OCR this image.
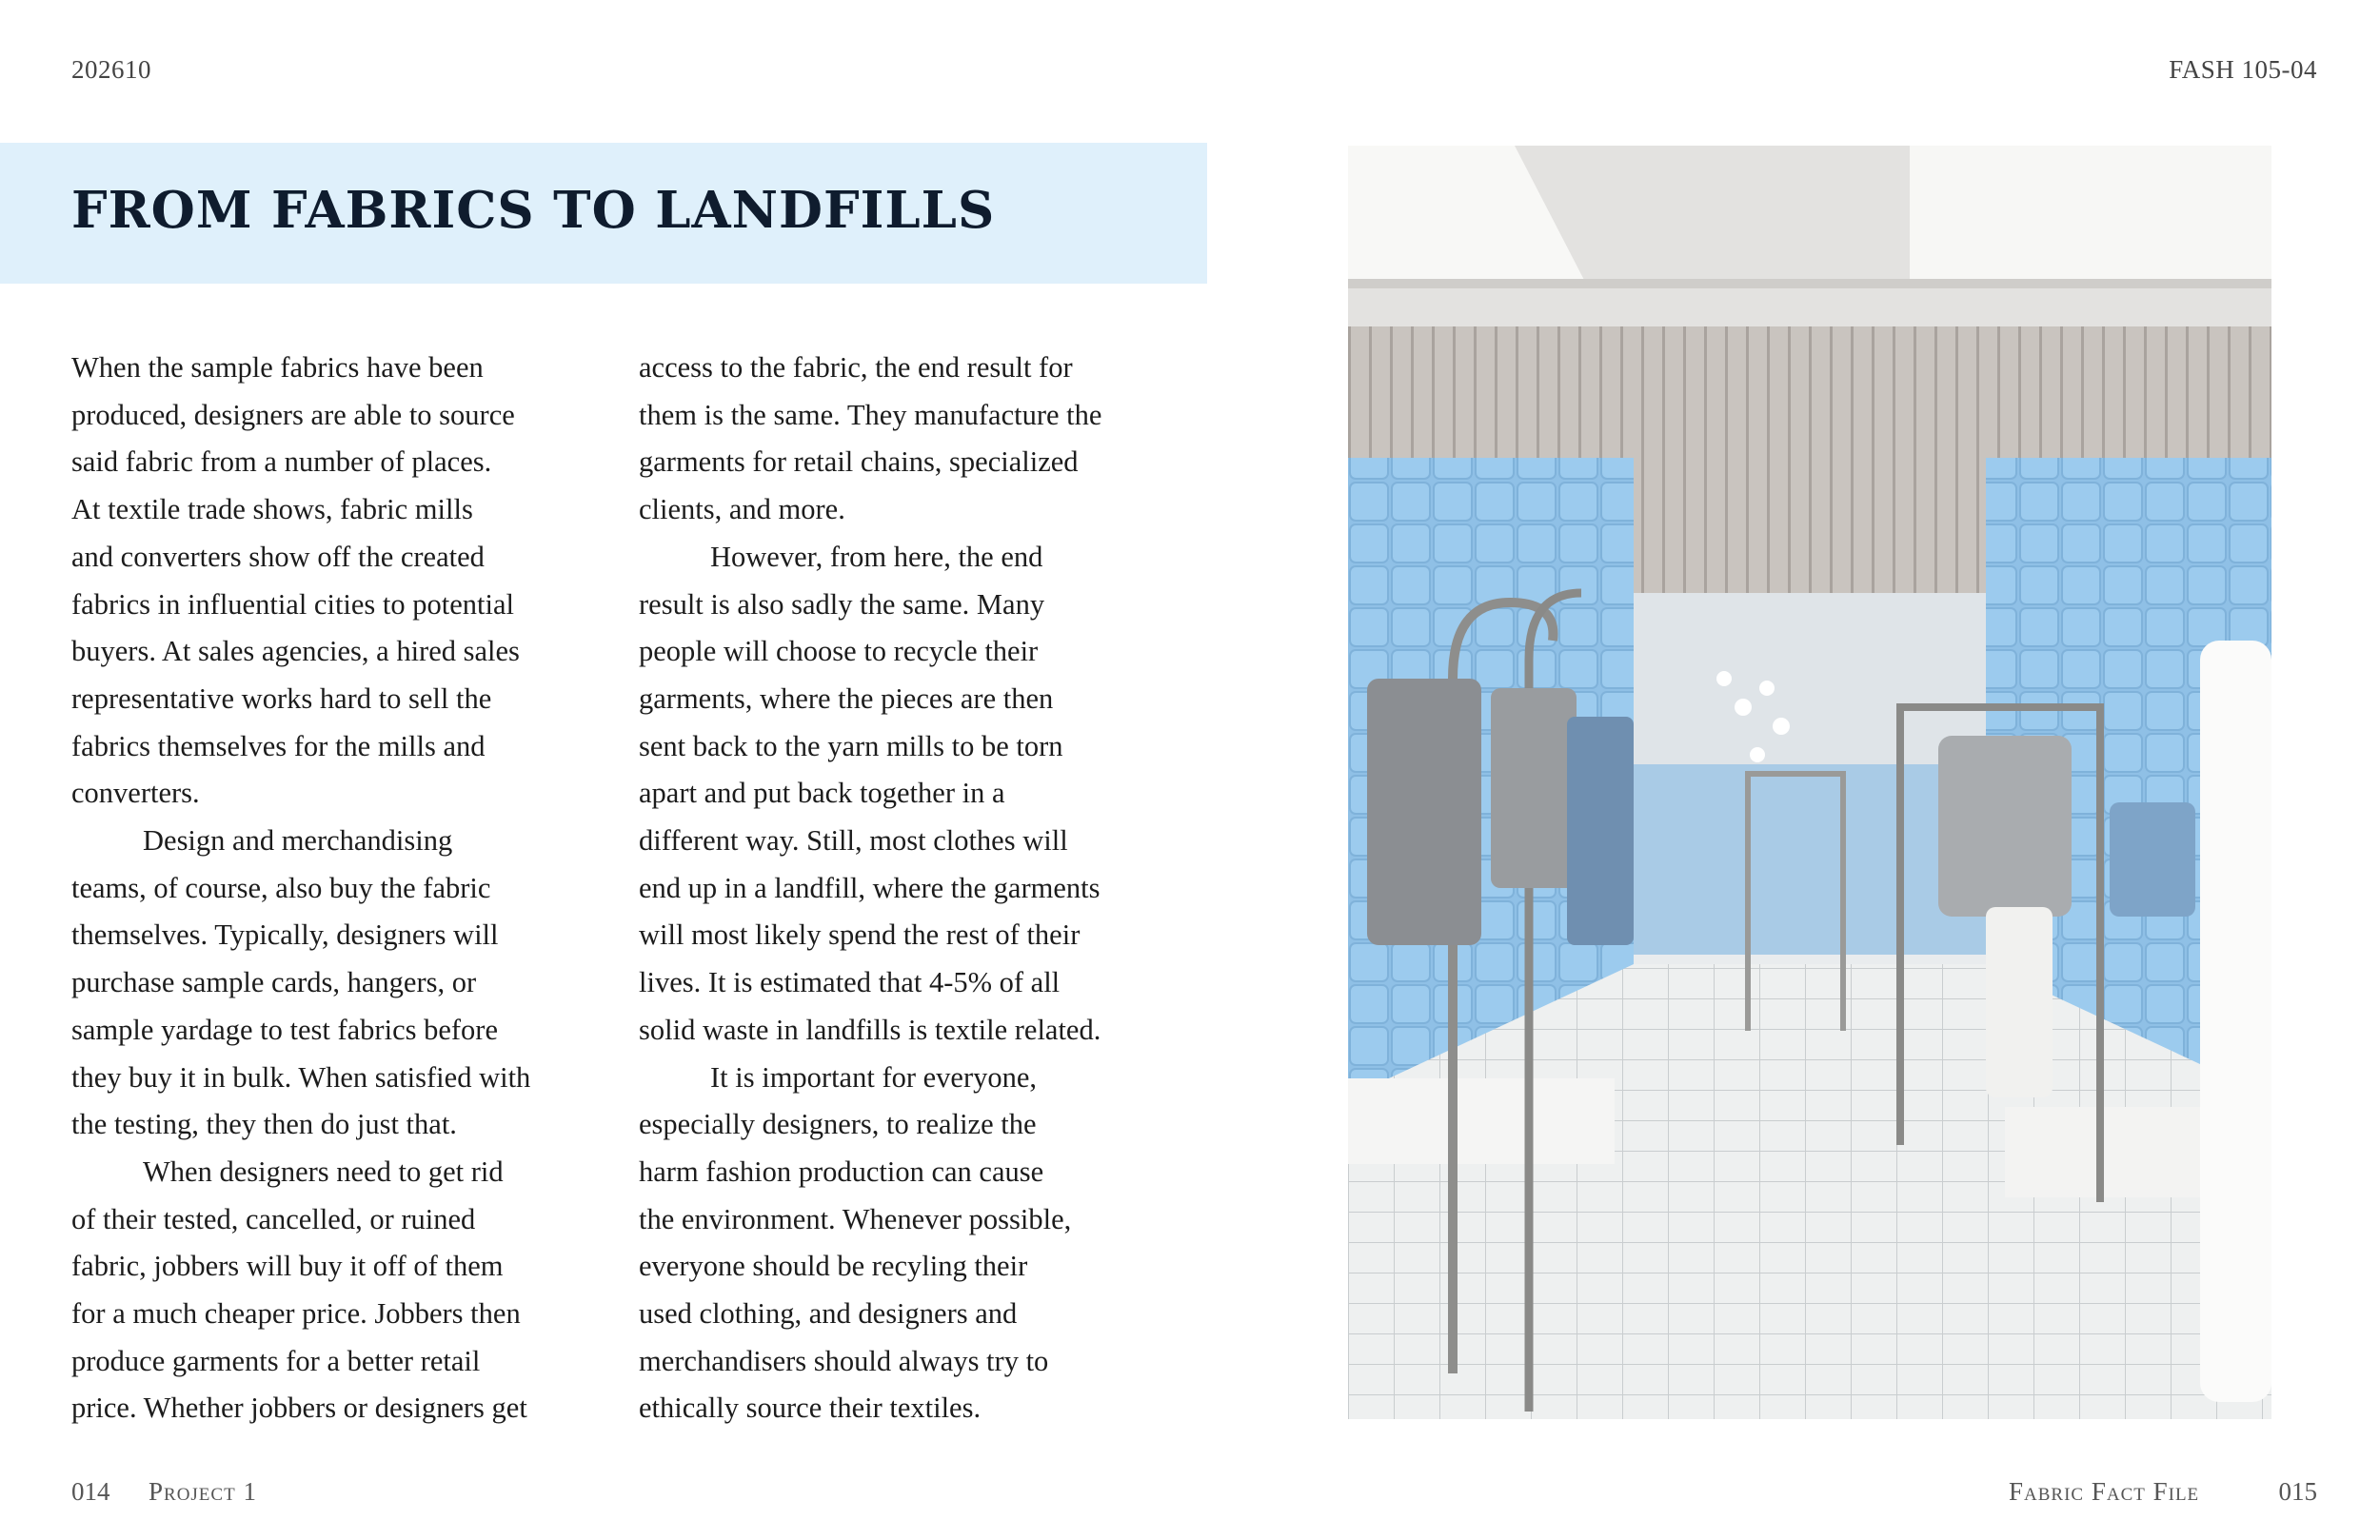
202610	FASH 105-04
FROM FABRICS TO LANDFILLS
When the sample fabrics have been
produced, designers are able to source
said fabric from a number of places.
At textile trade shows, fabric mills
and converters show off the created
fabrics in influential cities to potential
buyers. At sales agencies, a hired sales
representative works hard to sell the
fabrics themselves for the mills and
converters.
Design and merchandising
teams, of course, also buy the fabric
themselves. Typically, designers will
purchase sample cards, hangers, or
sample yardage to test fabrics before
they buy it in bulk. When satisfied with
the testing, they then do just that.
When designers need to get rid
of their tested, cancelled, or ruined
fabric, jobbers will buy it off of them
for a much cheaper price. Jobbers then
produce garments for a better retail
price. Whether jobbers or designers get
access to the fabric, the end result for
them is the same. They manufacture the
garments for retail chains, specialized
clients, and more.
However, from here, the end
result is also sadly the same. Many
people will choose to recycle their
garments, where the pieces are then
sent back to the yarn mills to be torn
apart and put back together in a
different way. Still, most clothes will
end up in a landfill, where the garments
will most likely spend the rest of their
lives. It is estimated that 4-5% of all
solid waste in landfills is textile related.
It is important for everyone,
especially designers, to realize the
harm fashion production can cause
the environment. Whenever possible,
everyone should be recyling their
used clothing, and designers and
merchandisers should always try to
ethically source their textiles.
014 Project 1	Fabric Fact File	015
